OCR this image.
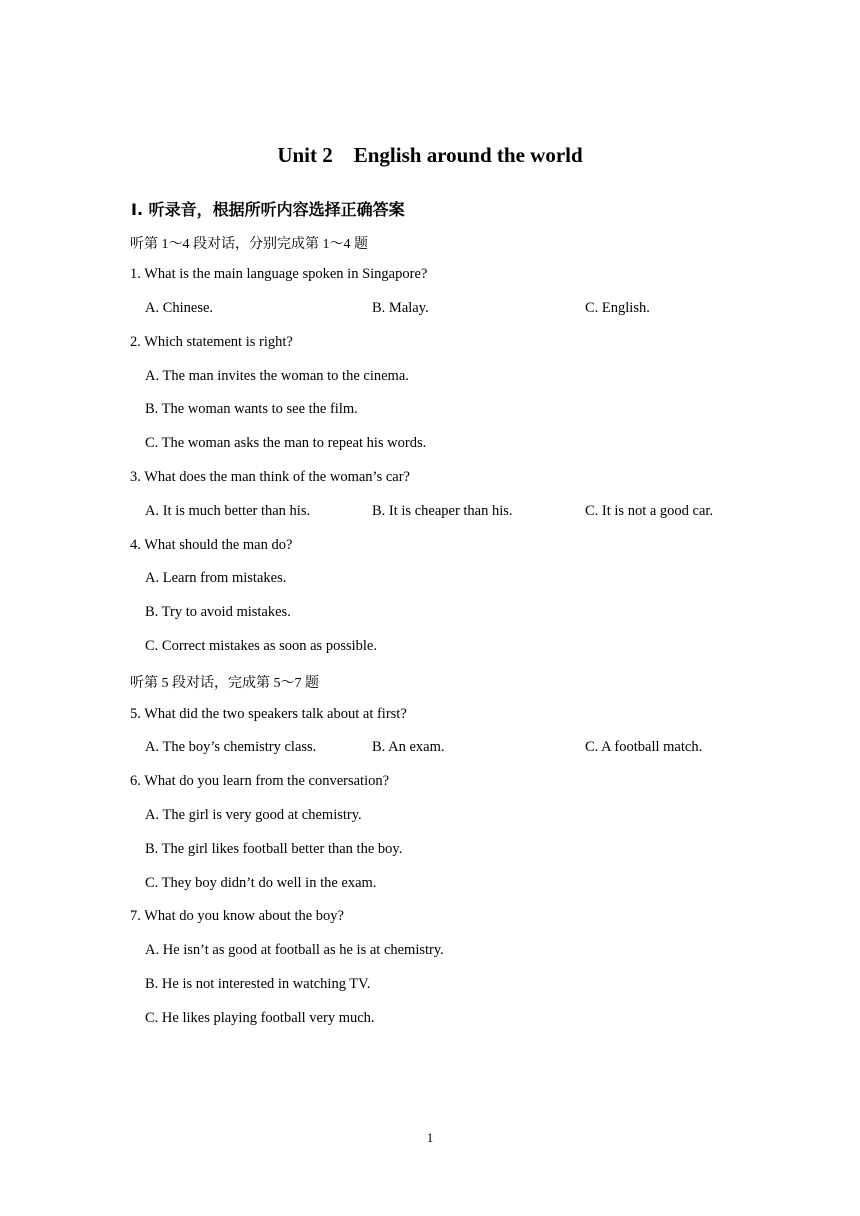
Unit 2    English around the world
Ⅰ. 听录音，根据所听内容选择正确答案
听第 1～4 段对话，分别完成第 1～4 题
1. What is the main language spoken in Singapore?
A. Chinese.	B. Malay.	C. English.
2. Which statement is right?
A. The man invites the woman to the cinema.
B. The woman wants to see the film.
C. The woman asks the man to repeat his words.
3. What does the man think of the woman’s car?
A. It is much better than his.	B. It is cheaper than his.	C. It is not a good car.
4. What should the man do?
A. Learn from mistakes.
B. Try to avoid mistakes.
C. Correct mistakes as soon as possible.
听第 5 段对话，完成第 5～7 题
5. What did the two speakers talk about at first?
A. The boy’s chemistry class.	B. An exam.	C. A football match.
6. What do you learn from the conversation?
A. The girl is very good at chemistry.
B. The girl likes football better than the boy.
C. They boy didn’t do well in the exam.
7. What do you know about the boy?
A. He isn’t as good at football as he is at chemistry.
B. He is not interested in watching TV.
C. He likes playing football very much.
1
